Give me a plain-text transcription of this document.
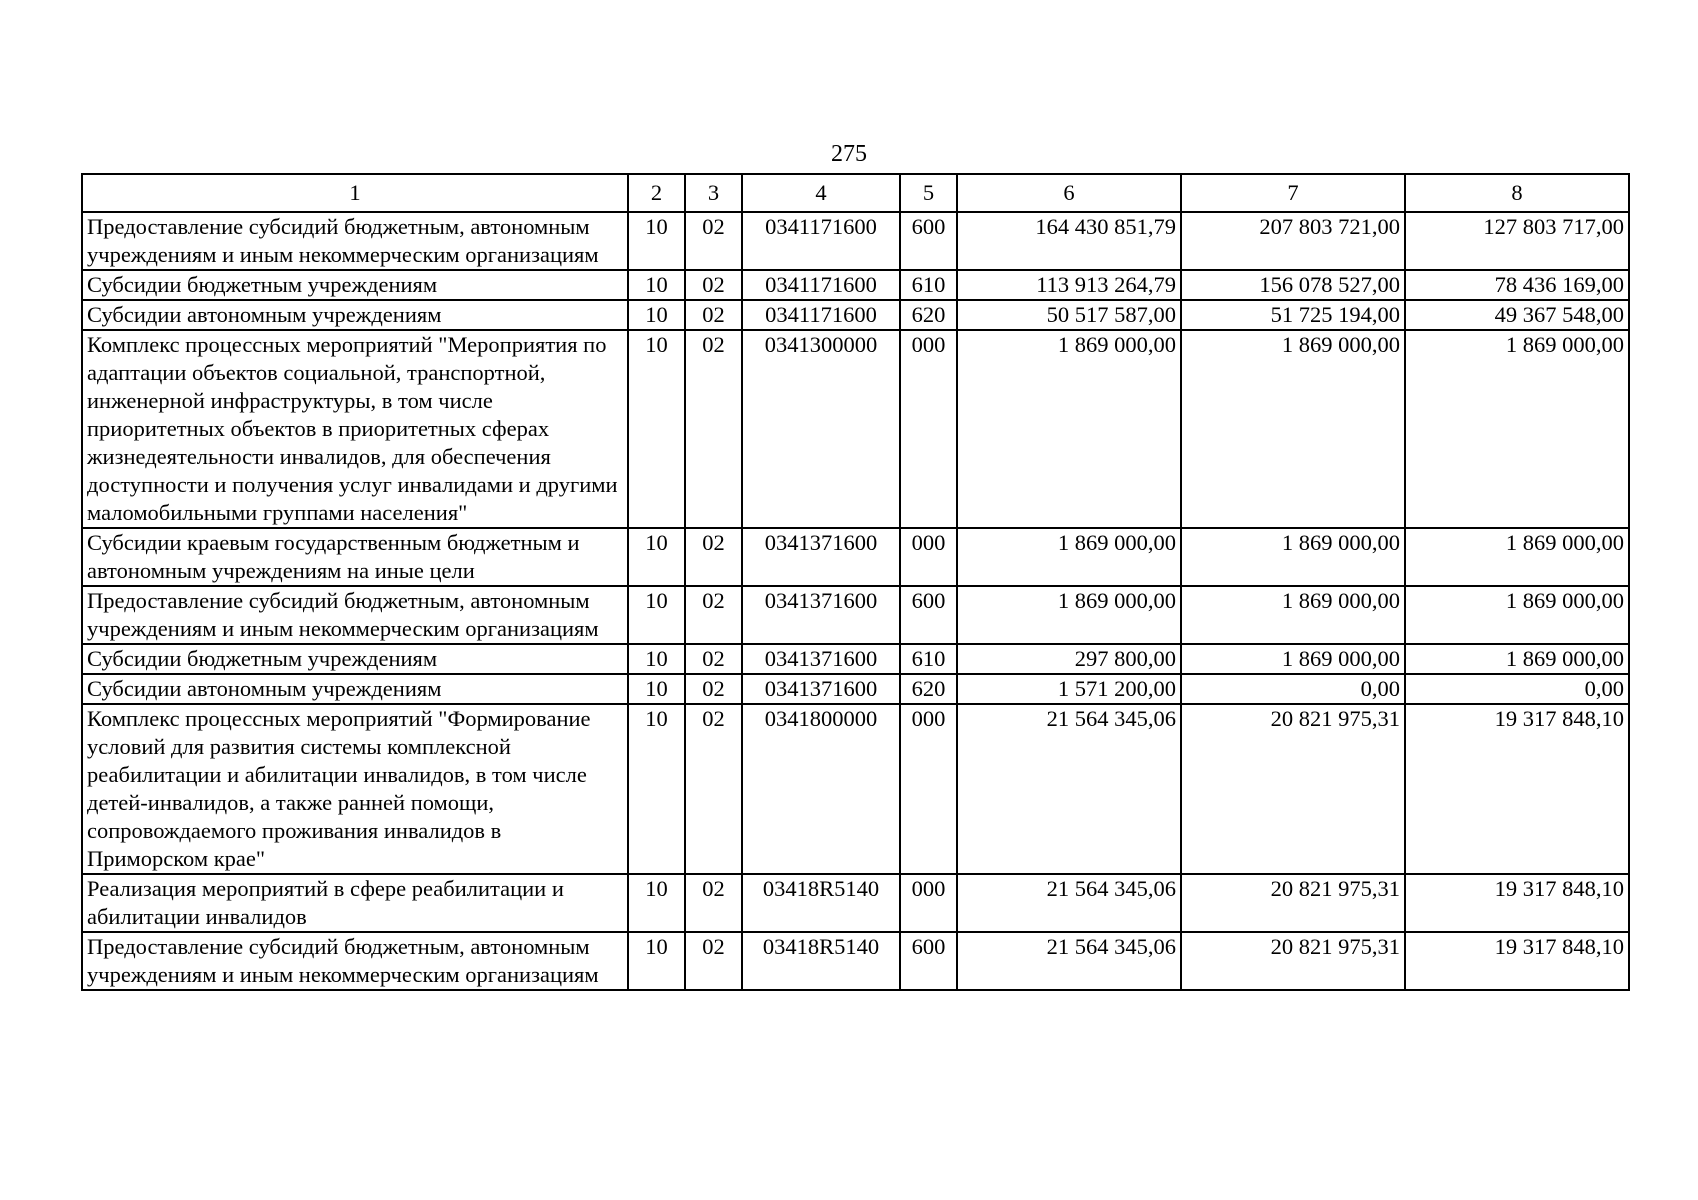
275
1	2	3	4	5	6	7	8
Предоставление субсидий бюджетным, автономным учреждениям и иным некоммерческим организациям	10	02	0341171600	600	164 430 851,79	207 803 721,00	127 803 717,00
Субсидии бюджетным учреждениям	10	02	0341171600	610	113 913 264,79	156 078 527,00	78 436 169,00
Субсидии автономным учреждениям	10	02	0341171600	620	50 517 587,00	51 725 194,00	49 367 548,00
Комплекс процессных мероприятий "Мероприятия по адаптации объектов социальной, транспортной, инженерной инфраструктуры, в том числе приоритетных объектов в приоритетных сферах жизнедеятельности инвалидов, для обеспечения доступности и получения услуг инвалидами и другими маломобильными группами населения"	10	02	0341300000	000	1 869 000,00	1 869 000,00	1 869 000,00
Субсидии краевым государственным бюджетным и автономным учреждениям на иные цели	10	02	0341371600	000	1 869 000,00	1 869 000,00	1 869 000,00
Предоставление субсидий бюджетным, автономным учреждениям и иным некоммерческим организациям	10	02	0341371600	600	1 869 000,00	1 869 000,00	1 869 000,00
Субсидии бюджетным учреждениям	10	02	0341371600	610	297 800,00	1 869 000,00	1 869 000,00
Субсидии автономным учреждениям	10	02	0341371600	620	1 571 200,00	0,00	0,00
Комплекс процессных мероприятий "Формирование условий для развития системы комплексной реабилитации и абилитации инвалидов, в том числе детей-инвалидов, а также ранней помощи, сопровождаемого проживания инвалидов в Приморском крае"	10	02	0341800000	000	21 564 345,06	20 821 975,31	19 317 848,10
Реализация мероприятий в сфере реабилитации и абилитации инвалидов	10	02	03418R5140	000	21 564 345,06	20 821 975,31	19 317 848,10
Предоставление субсидий бюджетным, автономным учреждениям и иным некоммерческим организациям	10	02	03418R5140	600	21 564 345,06	20 821 975,31	19 317 848,10
